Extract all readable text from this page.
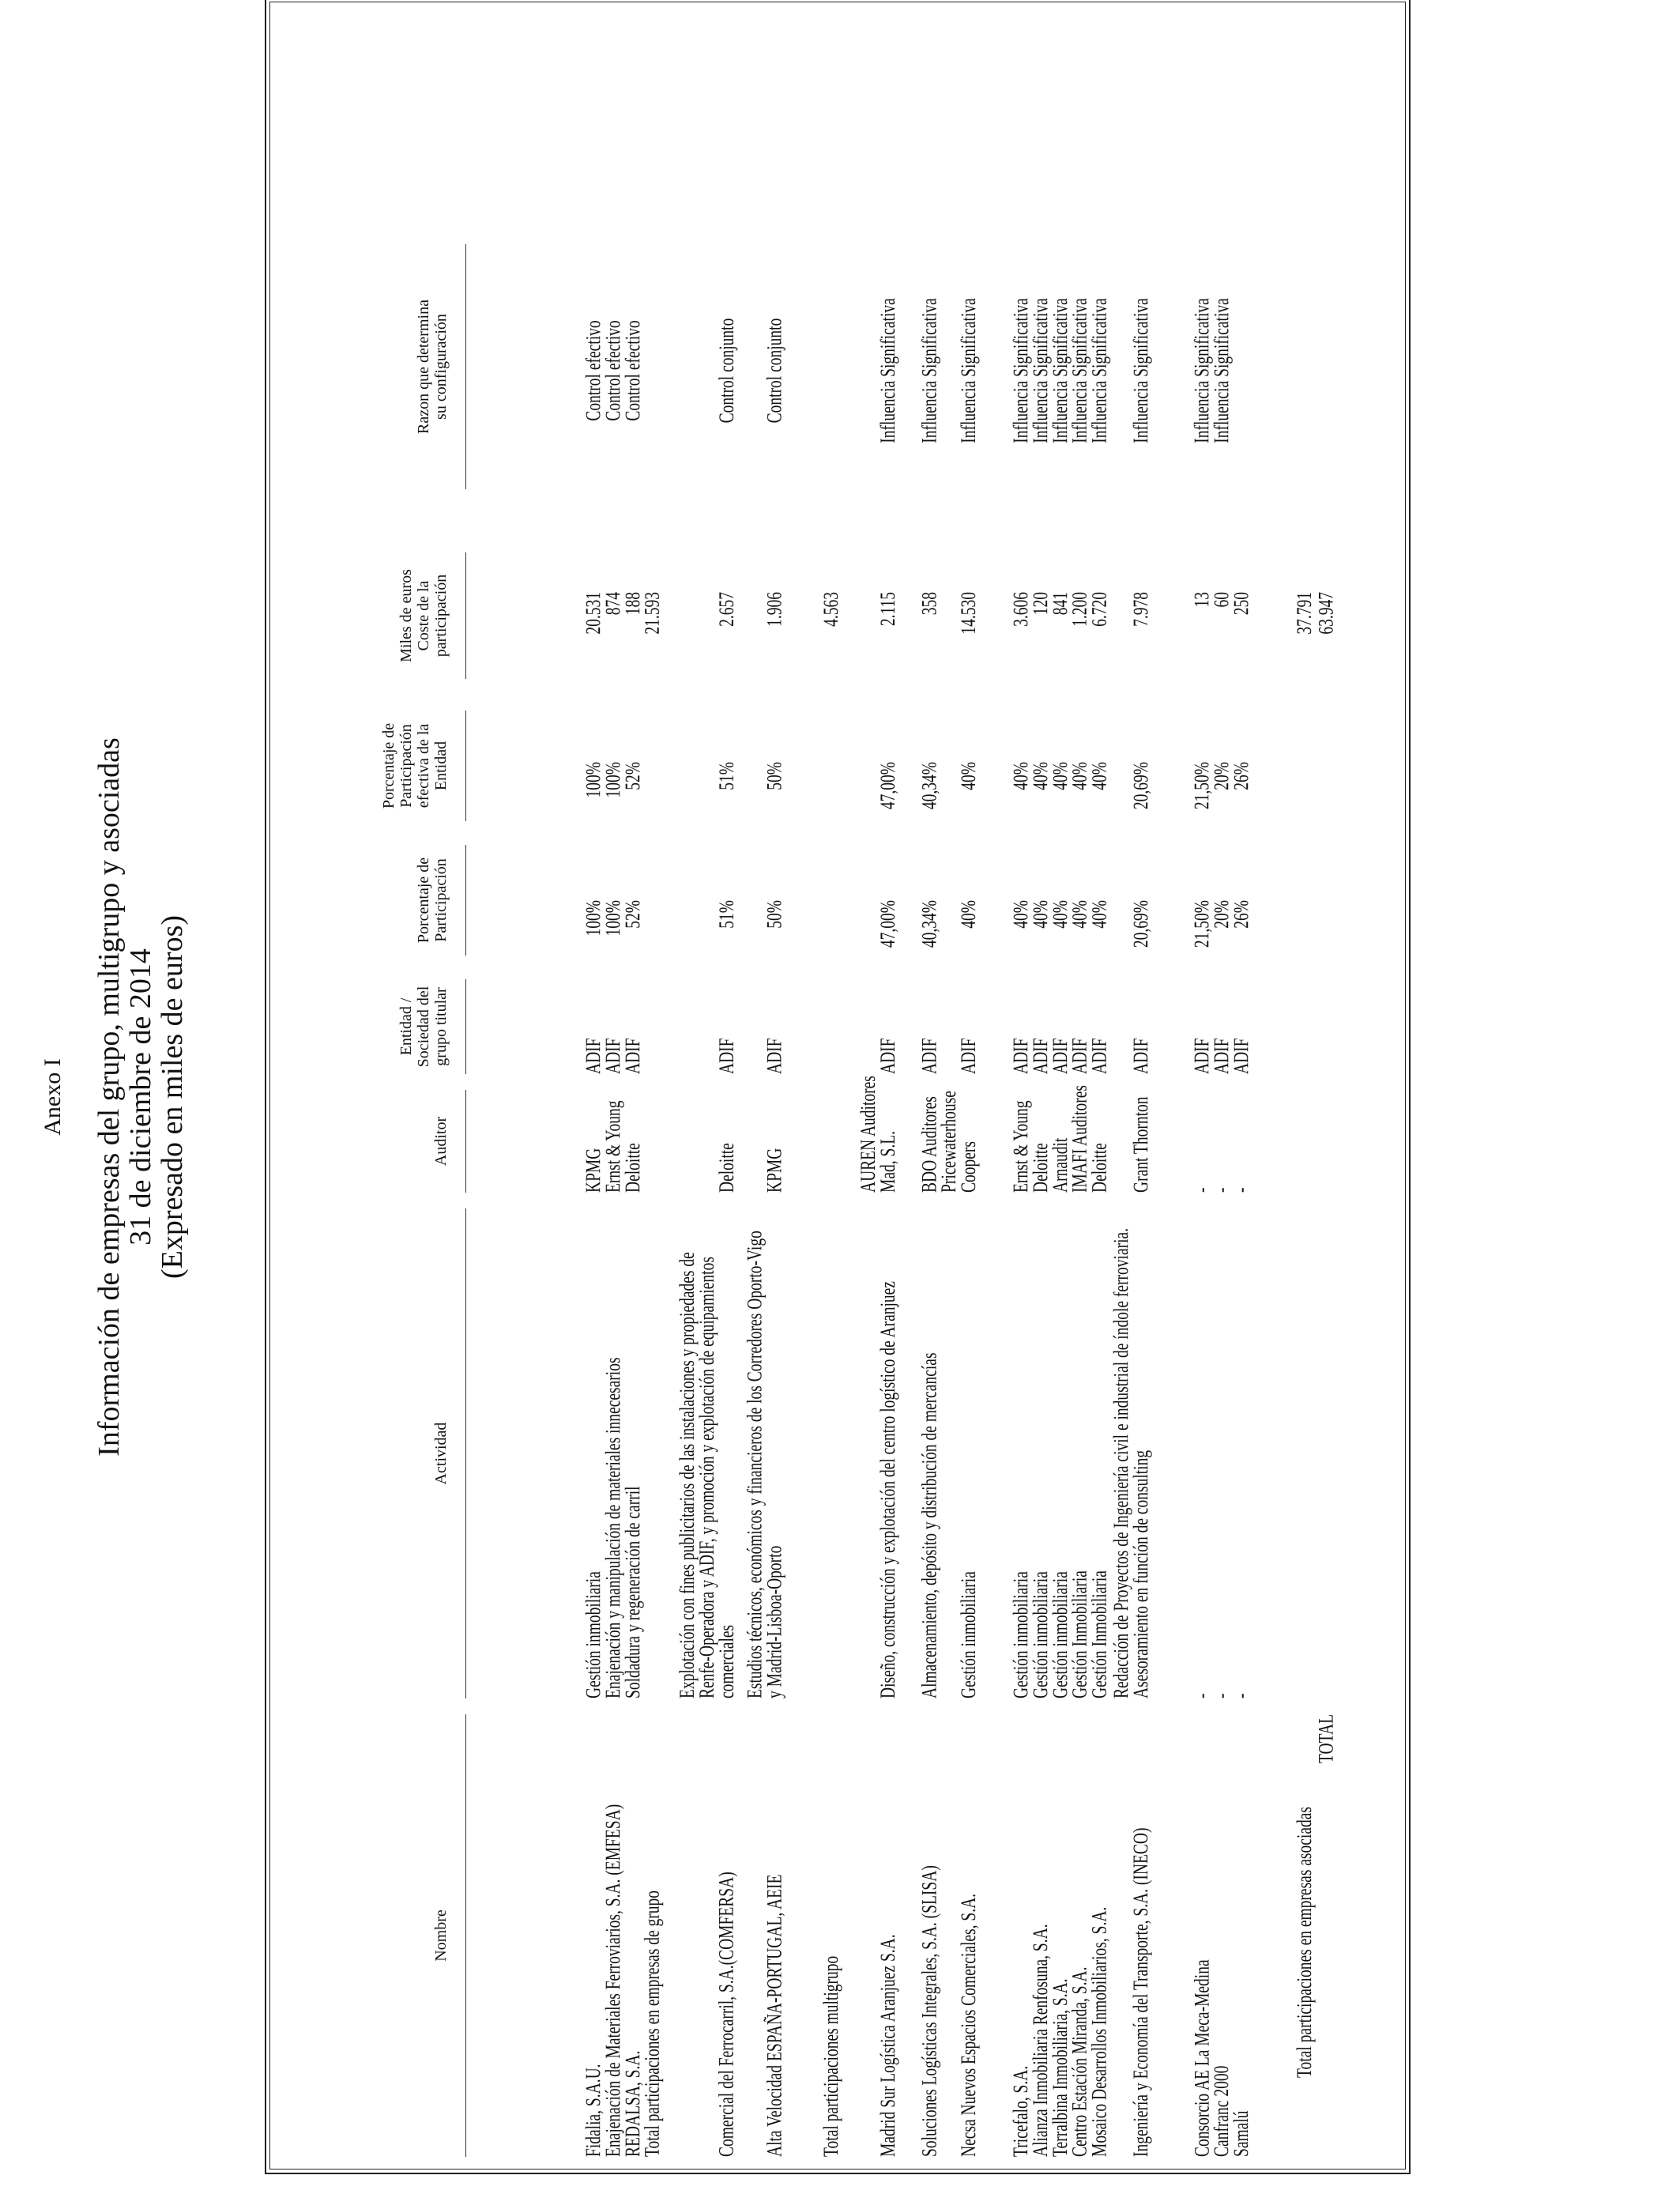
Anexo I Información de empresas del grupo, multigrupo y asociadas
31 de diciembre de 2014
(Expresado en miles de euros)
Nombre
Actividad
Auditor
Entidad / Sociedad del grupo titular
Porcentaje de Participación
Porcentaje de Participación efectiva de la Entidad
Miles de euros Coste de la participación
Razon que determina su configuración
Fidalia, S.A.U.
Gestión inmobiliaria
KPMG
ADIF
100%
100%
20.531
Control efectivo
Enajenación de Materiales Ferroviarios, S.A. (EMFESA)
Enajenación y manipulación de materiales innecesarios
Ernst & Young
ADIF
100%
100%
874
Control efectivo
REDALSA, S.A.
Soldadura y regeneración de carril
Deloitte
ADIF
52%
52%
188
Control efectivo
Total participaciones en empresas de grupo
21.593
Comercial del Ferrocarril, S.A.(COMFERSA)
Explotación con fines publicitarios de las instalaciones y propiedades de
Deloitte
ADIF
51%
51%
2.657
Control conjunto
Renfe-Operadora y ADIF, y promoción y explotación de equipamientos
comerciales
Alta Velocidad ESPAÑA-PORTUGAL, AEIE
Estudios técnicos, económicos y financieros de los Corredores Oporto-Vigo
KPMG
ADIF
50%
50%
1.906
Control conjunto
y Madrid-Lisboa-Oporto
Total participaciones multigrupo
4.563
Madrid Sur Logística Aranjuez S.A.
Diseño, construcción y explotación del centro logístico de Aranjuez
AUREN Auditores
ADIF
47,00%
47,00%
2.115
Influencia Significativa
Mad, S.L.
Soluciones Logísticas Integrales, S.A. (SLISA)
Almacenamiento, depósito y distribución de mercancías
BDO Auditores
ADIF
40,34%
40,34%
358
Influencia Significativa
Necsa Nuevos Espacios Comerciales, S.A.
Gestión inmobiliaria
Pricewaterhouse
ADIF
40%
40%
14.530
Influencia Significativa
Coopers
Tricefalo, S.A.
Gestión inmobiliaria
Ernst & Young
ADIF
40%
40%
3.606
Influencia Significativa
Alianza Inmobiliaria Renfosuna, S.A.
Gestión inmobiliaria
Deloitte
ADIF
40%
40%
120
Influencia Significativa
Terralbina Inmobiliaria, S.A.
Gestión inmobiliaria
Arnaudit
ADIF
40%
40%
841
Influencia Significativa
Centro Estación Miranda, S.A.
Gestión Inmobiliaria
IMAFI Auditores
ADIF
40%
40%
1.200
Influencia Significativa
Mosaico Desarrollos Inmobiliarios, S.A.
Gestión Inmobiliaria
Deloitte
ADIF
40%
40%
6.720
Influencia Significativa
Ingeniería y Economía del Transporte, S.A. (INECO)
Redacción de Proyectos de Ingeniería civil e industrial de índole ferroviaria.
Grant Thornton
ADIF
20,69%
20,69%
7.978
Influencia Significativa
Asesoramiento en función de consulting
Consorcio AE La Meca-Medina
-
-
ADIF
21,50%
21,50%
13
Influencia Significativa
Canfranc 2000
-
-
ADIF
20%
20%
60
Influencia Significativa
Samalú
-
-
ADIF
26%
26%
250
Total participaciones en empresas asociadas
37.791
TOTAL
63.947
